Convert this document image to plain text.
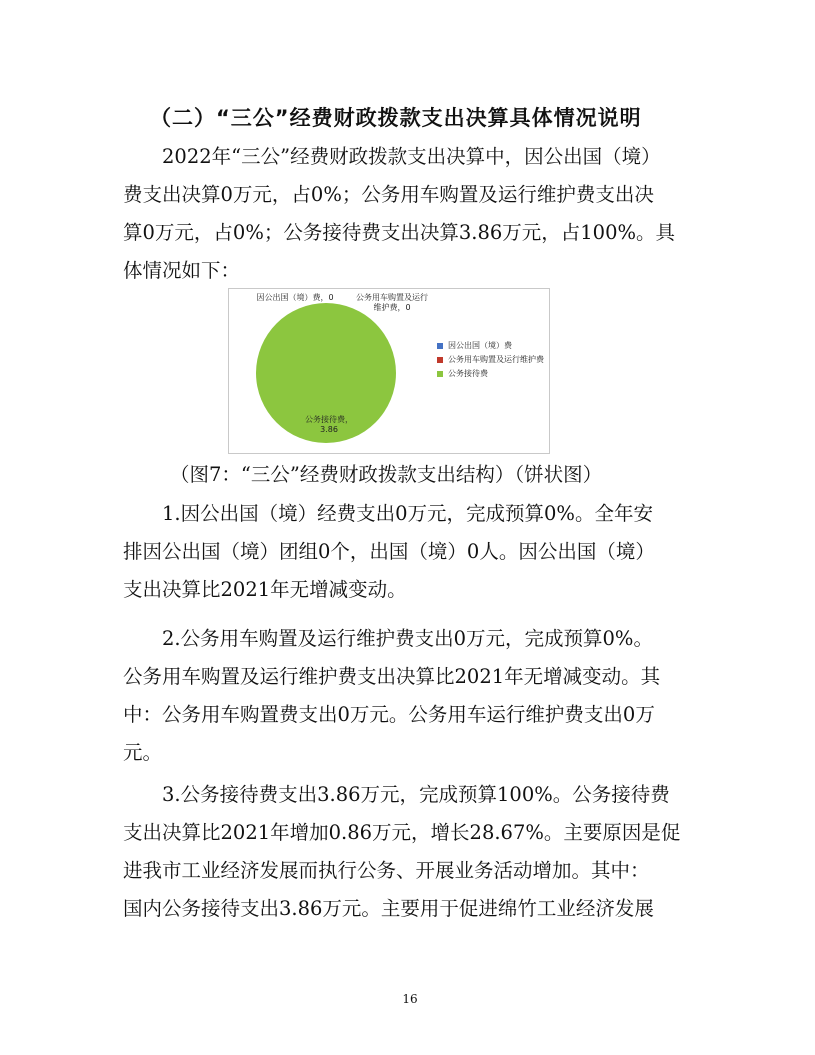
（二）“三公”经费财政拨款支出决算具体情况说明

2022年“三公”经费财政拨款支出决算中，因公出国（境）
费支出决算0万元，占0%；公务用车购置及运行维护费支出决
算0万元，占0%；公务接待费支出决算3.86万元，占100%。具
体情况如下：

因公出国（境）费，0	公务用车购置及运行维护费，0
公务接待费，3.86
因公出国（境）费
公务用车购置及运行维护费
公务接待费
（图7：“三公”经费财政拨款支出结构）（饼状图）

1.因公出国（境）经费支出0万元，完成预算0%。全年安
排因公出国（境）团组0个，出国（境）0人。因公出国（境）
支出决算比2021年无增减变动。

2.公务用车购置及运行维护费支出0万元，完成预算0%。
公务用车购置及运行维护费支出决算比2021年无增减变动。其
中：公务用车购置费支出0万元。公务用车运行维护费支出0万
元。

3.公务接待费支出3.86万元，完成预算100%。公务接待费
支出决算比2021年增加0.86万元，增长28.67%。主要原因是促
进我市工业经济发展而执行公务、开展业务活动增加。其中：
国内公务接待支出3.86万元。主要用于促进绵竹工业经济发展

16
